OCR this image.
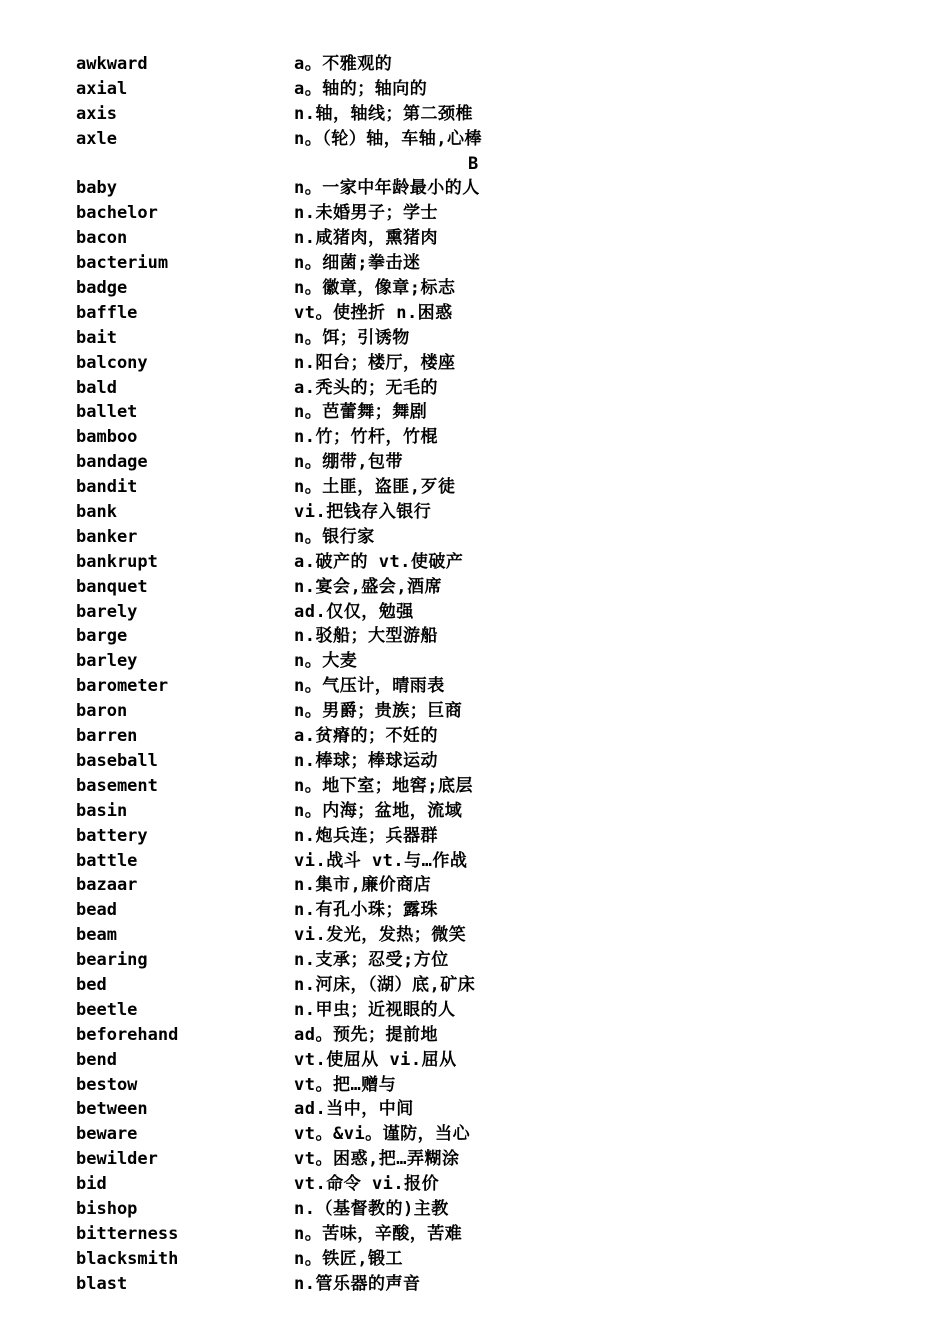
awkward	a。不雅观的
axial	a。轴的；轴向的
axis	n.轴，轴线；第二颈椎
axle	n。（轮）轴，车轴,心棒
B
baby	n。一家中年龄最小的人
bachelor	n.未婚男子；学士
bacon	n.咸猪肉，熏猪肉
bacterium	n。细菌;拳击迷
badge	n。徽章，像章;标志
baffle	vt。使挫折 n.困惑
bait	n。饵；引诱物
balcony	n.阳台；楼厅，楼座
bald	a.秃头的；无毛的
ballet	n。芭蕾舞；舞剧
bamboo	n.竹；竹杆，竹棍
bandage	n。绷带,包带
bandit	n。土匪，盗匪,歹徒
bank	vi.把钱存入银行
banker	n。银行家
bankrupt	a.破产的 vt.使破产
banquet	n.宴会,盛会,酒席
barely	ad.仅仅，勉强
barge	n.驳船；大型游船
barley	n。大麦
barometer	n。气压计，晴雨表
baron	n。男爵；贵族；巨商
barren	a.贫瘠的；不妊的
baseball	n.棒球；棒球运动
basement	n。地下室；地窖;底层
basin	n。内海；盆地，流域
battery	n.炮兵连；兵器群
battle	vi.战斗 vt.与…作战
bazaar	n.集市,廉价商店
bead	n.有孔小珠；露珠
beam	vi.发光，发热；微笑
bearing	n.支承；忍受;方位
bed	n.河床，（湖）底,矿床
beetle	n.甲虫；近视眼的人
beforehand	ad。预先；提前地
bend	vt.使屈从 vi.屈从
bestow	vt。把…赠与
between	ad.当中，中间
beware	vt。&vi。谨防，当心
bewilder	vt。困惑,把…弄糊涂
bid	vt.命令 vi.报价
bishop	n.（基督教的)主教
bitterness	n。苦味，辛酸，苦难
blacksmith	n。铁匠,锻工
blast	n.管乐器的声音
